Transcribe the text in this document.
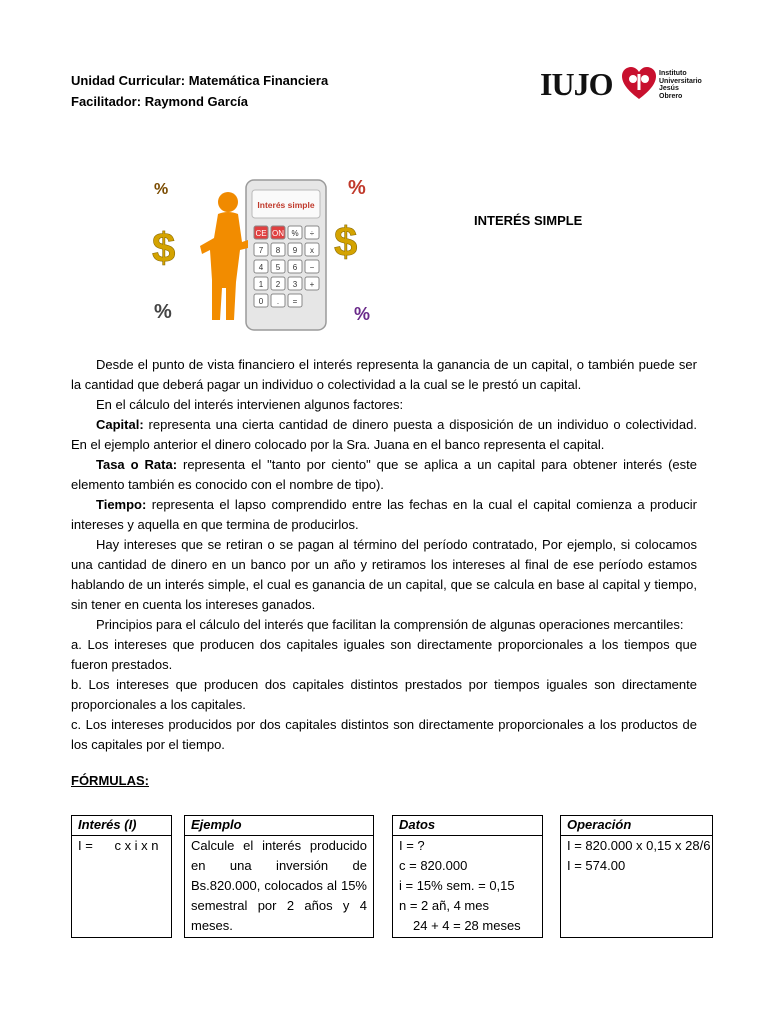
Unidad Curricular: Matemática Financiera
Facilitador: Raymond García	IUJO	Instituto
Universitario
Jesús
Obrero
%
$
%
$
%
%
Interés simple
CE ON % ÷
7 8 9 x
4 5 6 −
1 2 3 +
0 . =
INTERÉS SIMPLE

Desde el punto de vista financiero el interés representa la ganancia de un capital, o también puede ser la cantidad que deberá pagar un individuo o colectividad a la cual se le prestó un capital.

En el cálculo del interés intervienen algunos factores:

Capital: representa una cierta cantidad de dinero puesta a disposición de un individuo o colectividad. En el ejemplo anterior el dinero colocado por la Sra. Juana en el banco representa el capital.

Tasa o Rata: representa el "tanto por ciento" que se aplica a un capital para obtener interés (este elemento también es conocido con el nombre de tipo).

Tiempo: representa el lapso comprendido entre las fechas en la cual el capital comienza a producir intereses y aquella en que termina de producirlos.

Hay intereses que se retiran o se pagan al término del período contratado, Por ejemplo, si colocamos una cantidad de dinero en un banco por un año y retiramos los intereses al final de ese período estamos hablando de un interés simple, el cual es ganancia de un capital, que se calcula en base al capital y tiempo, sin tener en cuenta los intereses ganados.

Principios para el cálculo del interés que facilitan la comprensión de algunas operaciones mercantiles:

a. Los intereses que producen dos capitales iguales son directamente proporcionales a los tiempos que fueron prestados.

b. Los intereses que producen dos capitales distintos prestados por tiempos iguales son directamente proporcionales a los capitales.

c. Los intereses producidos por dos capitales distintos son directamente proporcionales a los productos de los capitales por el tiempo.

FÓRMULAS:
Interés (I)
I = c x i x n
Ejemplo
Calcule el interés producido en una inversión de Bs.820.000, colocados al 15% semestral por 2 años y 4 meses.
Datos
I = ?
c = 820.000
i = 15% sem. = 0,15
n = 2 añ, 4 mes
24 + 4 = 28 meses
Operación
I = 820.000 x 0,15 x 28/6
I = 574.00
